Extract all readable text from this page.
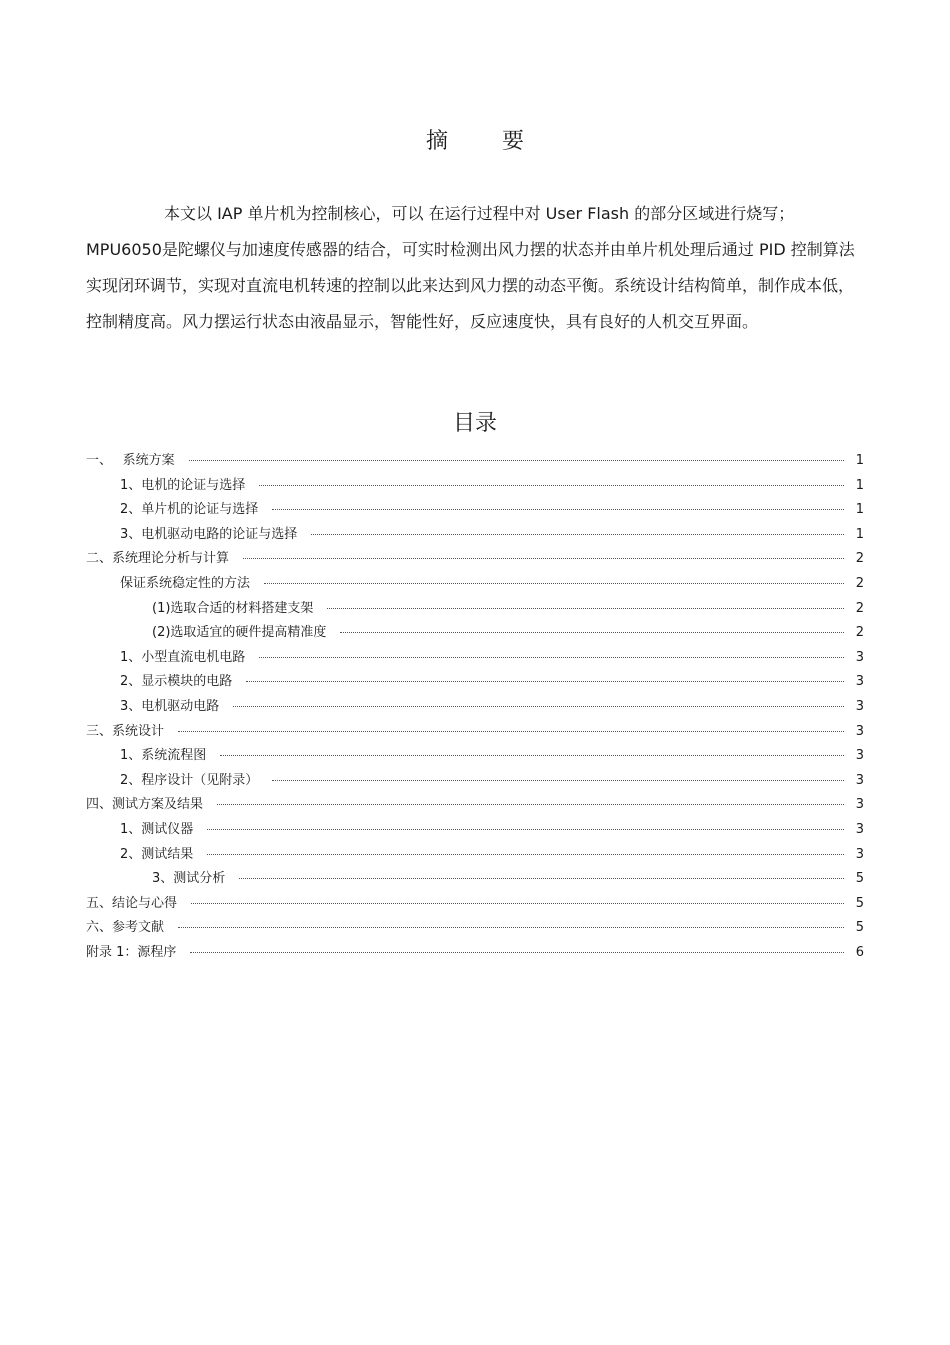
摘要

本文以 IAP 单片机为控制核心，可以 在运行过程中对 User Flash 的部分区域进行烧写；MPU6050是陀螺仪与加速度传感器的结合，可实时检测出风力摆的状态并由单片机处理后通过 PID 控制算法实现闭环调节，实现对直流电机转速的控制以此来达到风力摆的动态平衡。系统设计结构简单，制作成本低，控制精度高。风力摆运行状态由液晶显示，智能性好，反应速度快，具有良好的人机交互界面。

目录
一、　 系统方案	1
1、电机的论证与选择	1
2、单片机的论证与选择	1
3、电机驱动电路的论证与选择	1
二、系统理论分析与计算	2
保证系统稳定性的方法	2
(1)选取合适的材料搭建支架	2
(2)选取适宜的硬件提高精准度	2
1、小型直流电机电路	3
2、显示模块的电路	3
3、电机驱动电路	3
三、系统设计	3
1、系统流程图	3
2、程序设计（见附录）	3
四、测试方案及结果	3
1、测试仪器	3
2、测试结果	3
3、测试分析	5
五、结论与心得	5
六、参考文献	5
附录 1：源程序	6
